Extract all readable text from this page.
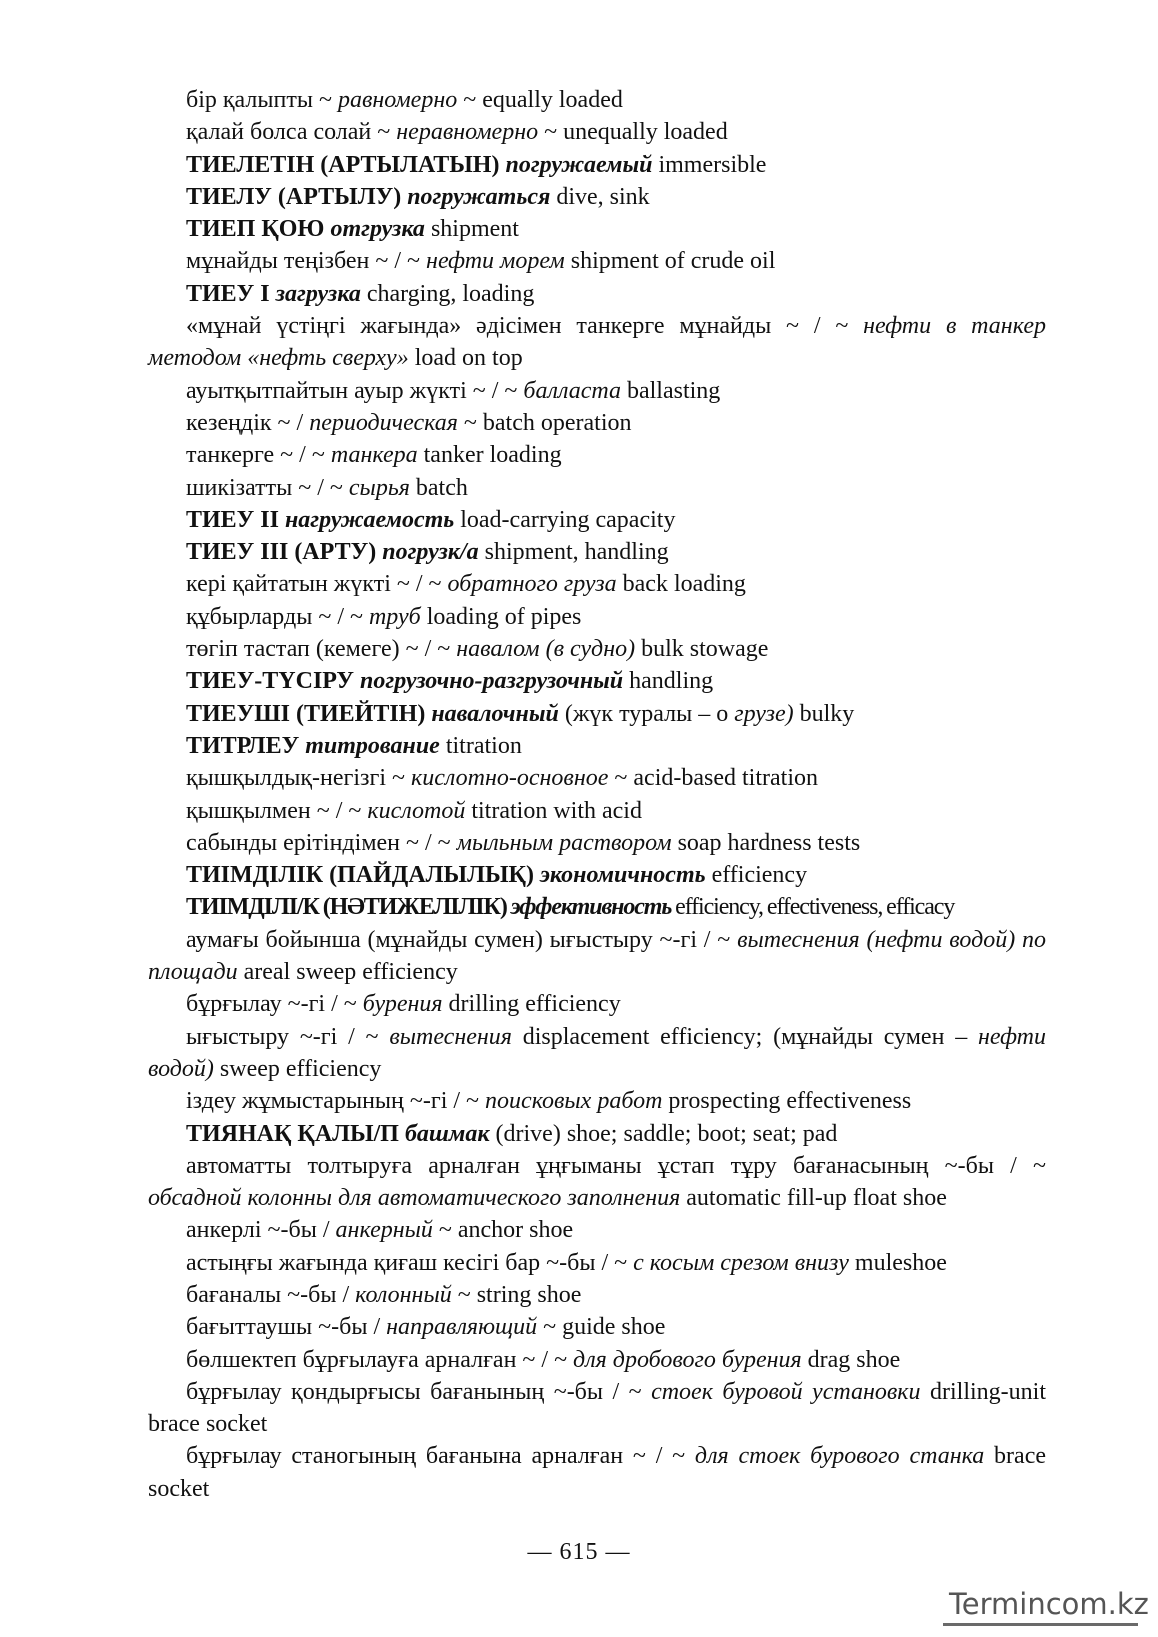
бір қалыпты ~ равномерно ~ equally loaded

қалай болса солай ~ неравномерно ~ unequally loaded

ТИЕЛЕТІН (АРТЫЛАТЫН) погружаемый immersible

ТИЕЛУ (АРТЫЛУ) погружаться dive, sink

ТИЕП ҚОЮ отгрузка shipment

мұнайды теңізбен ~ / ~ нефти морем shipment of crude oil

ТИЕУ І загрузка charging, loading

«мұнай үстіңгі жағында» әдісімен танкерге мұнайды ~ / ~ нефти в танкер методом «нефть сверху» load on top

ауытқытпайтын ауыр жүкті ~ / ~ балласта ballasting

кезеңдік ~ / периодическая ~ batch operation

танкерге ~ / ~ танкера tanker loading

шикізатты ~ / ~ сырья batch

ТИЕУ ІІ нагружаемость load-carrying capacity

ТИЕУ ІІІ (АРТУ) погрузк/а shipment, handling

кері қайтатын жүкті ~ / ~ обратного груза back loading

құбырларды ~ / ~ труб loading of pipes

төгіп тастап (кемеге) ~ / ~ навалом (в судно) bulk stowage

ТИЕУ-ТҮСІРУ погрузочно-разгрузочный handling

ТИЕУШІ (ТИЕЙТІН) навалочный (жүк туралы – о грузе) bulky

ТИТРЛЕУ титрование titration

қышқылдық-негізгі ~ кислотно-основное ~ acid-based titration

қышқылмен ~ / ~ кислотой titration with acid

сабынды ерітіндімен ~ / ~ мыльным раствором soap hardness tests

ТИІМДІЛІК (ПАЙДАЛЫЛЫҚ) экономичность efficiency

ТИІМДІЛІ/К (НӘТИЖЕЛІЛІК) эффективность efficiency, effectiveness, efficacy

аумағы бойынша (мұнайды сумен) ығыстыру ~-гі / ~ вытеснения (нефти водой) по площади areal sweep efficiency

бұрғылау ~-гі / ~ бурения drilling efficiency

ығыстыру ~-гі / ~ вытеснения displacement efficiency; (мұнайды сумен – нефти водой) sweep efficiency

іздеу жұмыстарының ~-гі / ~ поисковых работ prospecting effectiveness

ТИЯНАҚ ҚАЛЫ/П башмак (drive) shoe; saddle; boot; seat; pad

автоматты толтыруға арналған ұңғыманы ұстап тұру бағанасының ~-бы / ~ обсадной колонны для автоматического заполнения automatic fill-up float shoe

анкерлі ~-бы / анкерный ~ anchor shoe

астыңғы жағында қиғаш кесігі бар ~-бы / ~ с косым срезом внизу muleshoe

бағаналы ~-бы / колонный ~ string shoe

бағыттаушы ~-бы / направляющий ~ guide shoe

бөлшектеп бұрғылауға арналған ~ / ~ для дробового бурения drag shoe

бұрғылау қондырғысы бағанының ~-бы / ~ стоек буровой установки drilling-unit brace socket

бұрғылау станогының бағанына арналған ~ / ~ для стоек бурового станка brace socket

— 615 —
Termincom.kz
